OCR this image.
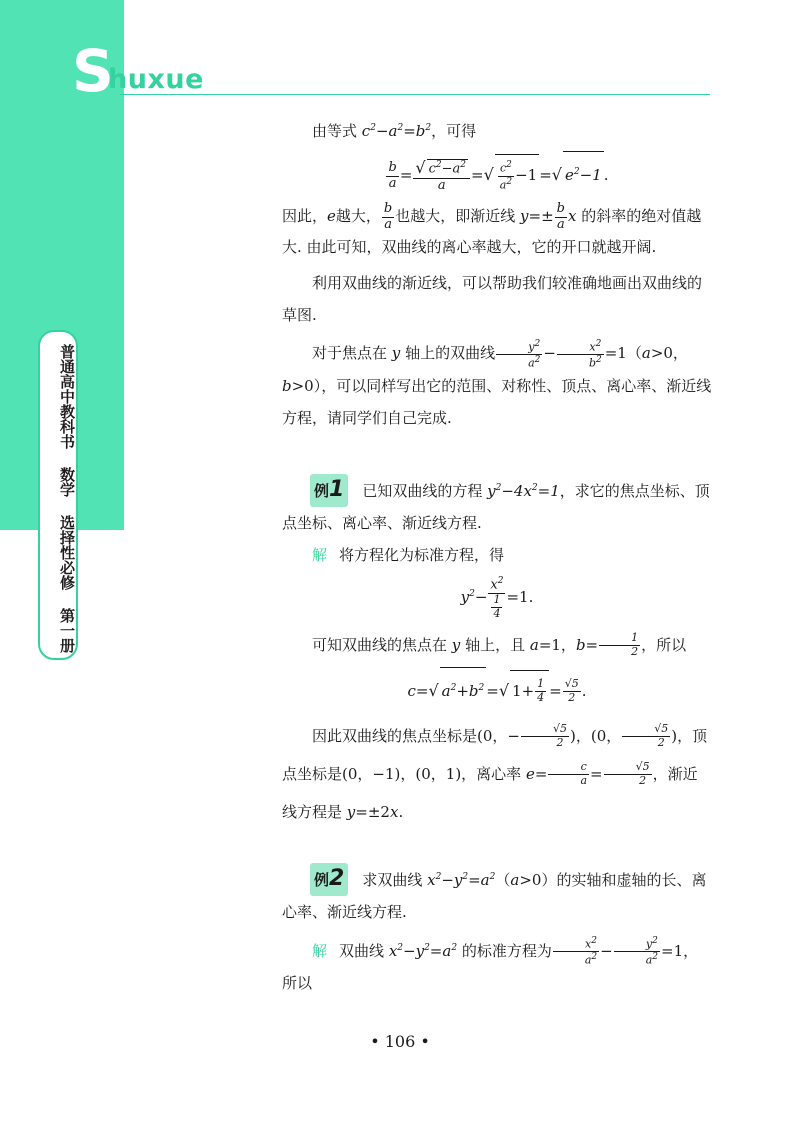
S
huxue
普通高中教科书 数学 选择性必修 第一册

由等式 $c^2-a^2=b^2$，可得

$\frac{b}{a} = \frac{√ c^2-a^2}{a}$ =√ $\frac{c^2}{a^2} -1$ =√ $e^2-1$ .

因此，e越大， $\frac{b}{a}$ 也越大，即渐近线 $y=\pm \frac{b}{a}$ x 的斜率的绝对值越大. 由此可知，双曲线的离心率越大，它的开口就越开阔.

利用双曲线的渐近线，可以帮助我们较准确地画出双曲线的草图.

对于焦点在 y 轴上的双曲线 $\frac{y^2}{a^2} - \frac{x^2}{b^2} =1(a>0$，b>0），可以同样写出它的范围、对称性、顶点、离心率、渐近线方程，请同学们自己完成.

例1 已知双曲线的方程 $y^2-4x^2=1$，求它的焦点坐标、顶点坐标、离心率、渐近线方程.

解 将方程化为标准方程，得

$y^2- \frac{x^2}{\frac{1}{4}} =1$.

可知双曲线的焦点在 y 轴上，且 a=1，$b= \frac{1}{2}$ ，所以

c=√ $a^2+b^2$ =√ $1+ \frac{1}{4} = \frac{√5}{2}$ .

因此双曲线的焦点坐标是(0，− $\frac{√5}{2}$ )，(0， $\frac{√5}{2}$ )，顶点坐标是(0，−1)，(0，1)，离心率 $e= \frac{c}{a} = \frac{√5}{2}$ ，渐近线方程是 y=±2x.

例2 求双曲线 $x^2-y^2=a^2(a>0)$的实轴和虚轴的长、离心率、渐近线方程.

解 双曲线 $x^2-y^2=a^2$ 的标准方程为 $\frac{x^2}{a^2} - \frac{y^2}{a^2} =1$，所以

• 106 •
